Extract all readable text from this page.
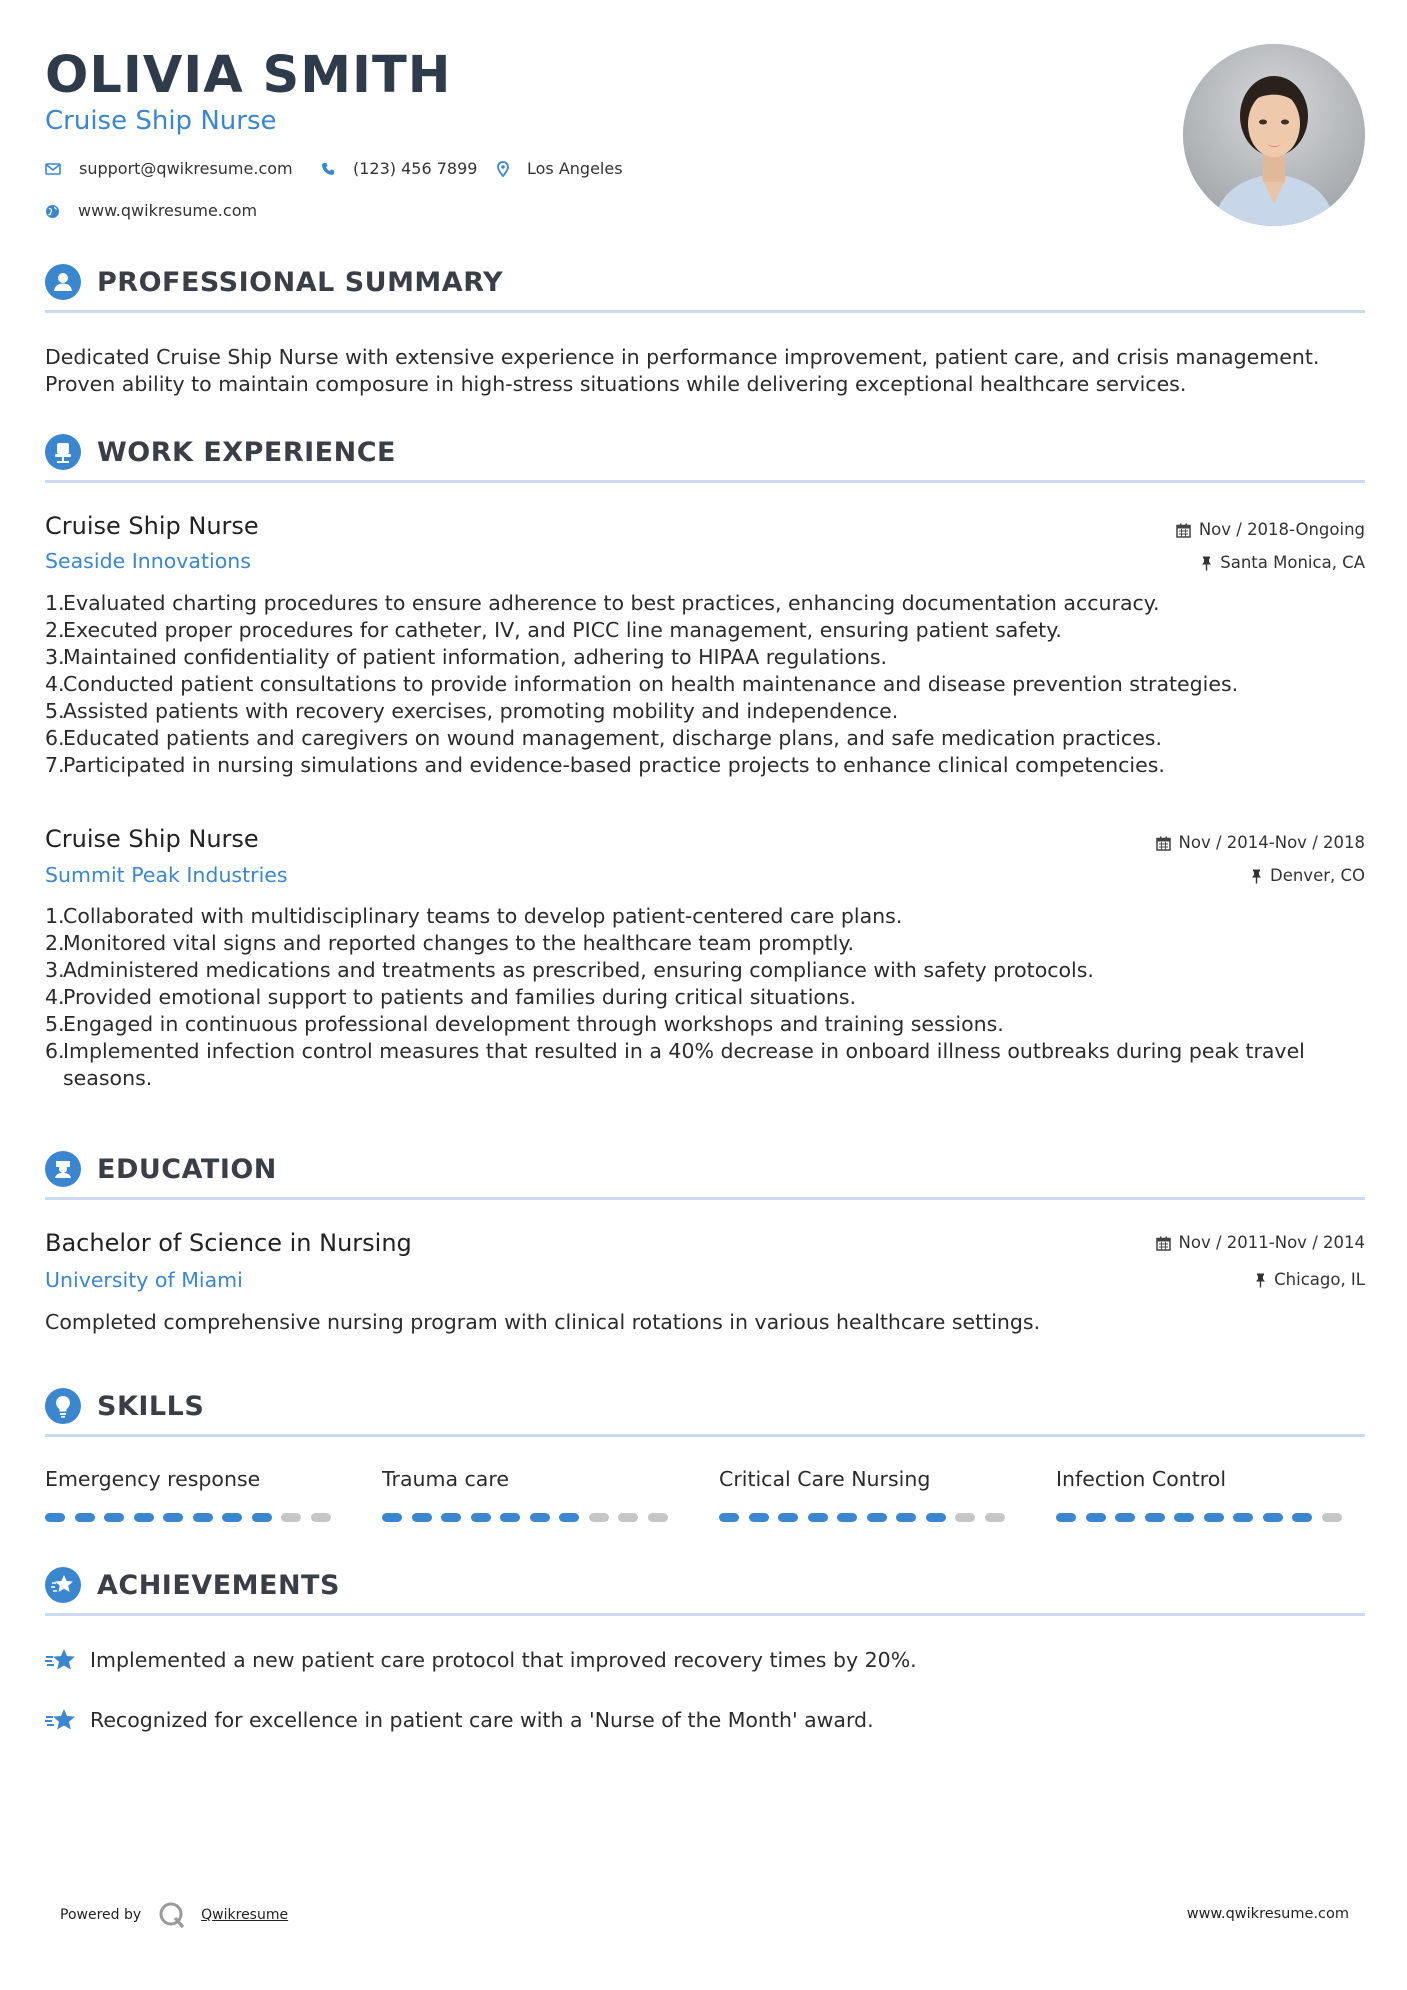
OLIVIA SMITH
Cruise Ship Nurse
support@qwikresume.com	(123) 456 7899	Los Angeles
www.qwikresume.com
PROFESSIONAL SUMMARY
Dedicated Cruise Ship Nurse with extensive experience in performance improvement, patient care, and crisis management. Proven ability to maintain composure in high-stress situations while delivering exceptional healthcare services.
WORK EXPERIENCE
Cruise Ship Nurse
Seaside Innovations
Nov / 2018-Ongoing
Santa Monica, CA
1.
Evaluated charting procedures to ensure adherence to best practices, enhancing documentation accuracy.
2.
Executed proper procedures for catheter, IV, and PICC line management, ensuring patient safety.
3.
Maintained confidentiality of patient information, adhering to HIPAA regulations.
4.
Conducted patient consultations to provide information on health maintenance and disease prevention strategies.
5.
Assisted patients with recovery exercises, promoting mobility and independence.
6.
Educated patients and caregivers on wound management, discharge plans, and safe medication practices.
7.
Participated in nursing simulations and evidence-based practice projects to enhance clinical competencies.
Cruise Ship Nurse
Summit Peak Industries
Nov / 2014-Nov / 2018
Denver, CO
1.
Collaborated with multidisciplinary teams to develop patient-centered care plans.
2.
Monitored vital signs and reported changes to the healthcare team promptly.
3.
Administered medications and treatments as prescribed, ensuring compliance with safety protocols.
4.
Provided emotional support to patients and families during critical situations.
5.
Engaged in continuous professional development through workshops and training sessions.
6.
Implemented infection control measures that resulted in a 40% decrease in onboard illness outbreaks during peak travel seasons.
EDUCATION
Bachelor of Science in Nursing
University of Miami
Nov / 2011-Nov / 2014
Chicago, IL
Completed comprehensive nursing program with clinical rotations in various healthcare settings.
SKILLS
Emergency response	Trauma care	Critical Care Nursing	Infection Control
ACHIEVEMENTS
Implemented a new patient care protocol that improved recovery times by 20%.
Recognized for excellence in patient care with a 'Nurse of the Month' award.
Powered by	Qwikresume	www.qwikresume.com
